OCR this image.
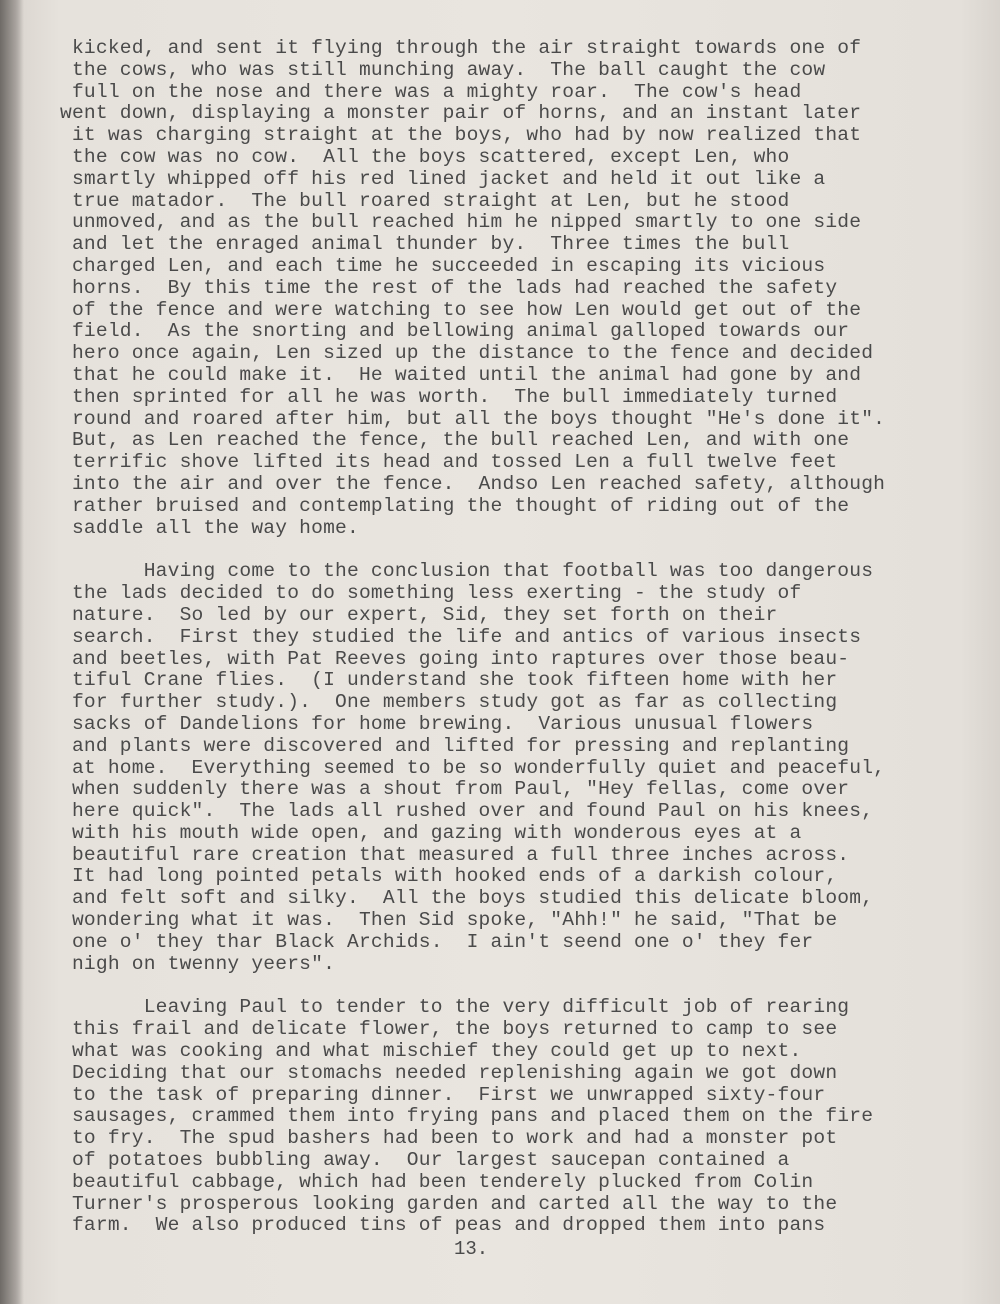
kicked, and sent it flying through the air straight towards one of
the cows, who was still munching away.  The ball caught the cow
full on the nose and there was a mighty roar.  The cow's head
went down, displaying a monster pair of horns, and an instant later
it was charging straight at the boys, who had by now realized that
the cow was no cow.  All the boys scattered, except Len, who
smartly whipped off his red lined jacket and held it out like a
true matador.  The bull roared straight at Len, but he stood
unmoved, and as the bull reached him he nipped smartly to one side
and let the enraged animal thunder by.  Three times the bull
charged Len, and each time he succeeded in escaping its vicious
horns.  By this time the rest of the lads had reached the safety
of the fence and were watching to see how Len would get out of the
field.  As the snorting and bellowing animal galloped towards our
hero once again, Len sized up the distance to the fence and decided
that he could make it.  He waited until the animal had gone by and
then sprinted for all he was worth.  The bull immediately turned
round and roared after him, but all the boys thought "He's done it".
But, as Len reached the fence, the bull reached Len, and with one
terrific shove lifted its head and tossed Len a full twelve feet
into the air and over the fence.  Andso Len reached safety, although
rather bruised and contemplating the thought of riding out of the
saddle all the way home.
Having come to the conclusion that football was too dangerous
the lads decided to do something less exerting - the study of
nature.  So led by our expert, Sid, they set forth on their
search.  First they studied the life and antics of various insects
and beetles, with Pat Reeves going into raptures over those beau-
tiful Crane flies.  (I understand she took fifteen home with her
for further study.).  One members study got as far as collecting
sacks of Dandelions for home brewing.  Various unusual flowers
and plants were discovered and lifted for pressing and replanting
at home.  Everything seemed to be so wonderfully quiet and peaceful,
when suddenly there was a shout from Paul, "Hey fellas, come over
here quick".  The lads all rushed over and found Paul on his knees,
with his mouth wide open, and gazing with wonderous eyes at a
beautiful rare creation that measured a full three inches across.
It had long pointed petals with hooked ends of a darkish colour,
and felt soft and silky.  All the boys studied this delicate bloom,
wondering what it was.  Then Sid spoke, "Ahh!" he said, "That be
one o' they thar Black Archids.  I ain't seend one o' they fer
nigh on twenny yeers".
Leaving Paul to tender to the very difficult job of rearing
this frail and delicate flower, the boys returned to camp to see
what was cooking and what mischief they could get up to next.
Deciding that our stomachs needed replenishing again we got down
to the task of preparing dinner.  First we unwrapped sixty-four
sausages, crammed them into frying pans and placed them on the fire
to fry.  The spud bashers had been to work and had a monster pot
of potatoes bubbling away.  Our largest saucepan contained a
beautiful cabbage, which had been tenderely plucked from Colin
Turner's prosperous looking garden and carted all the way to the
farm.  We also produced tins of peas and dropped them into pans
13.
